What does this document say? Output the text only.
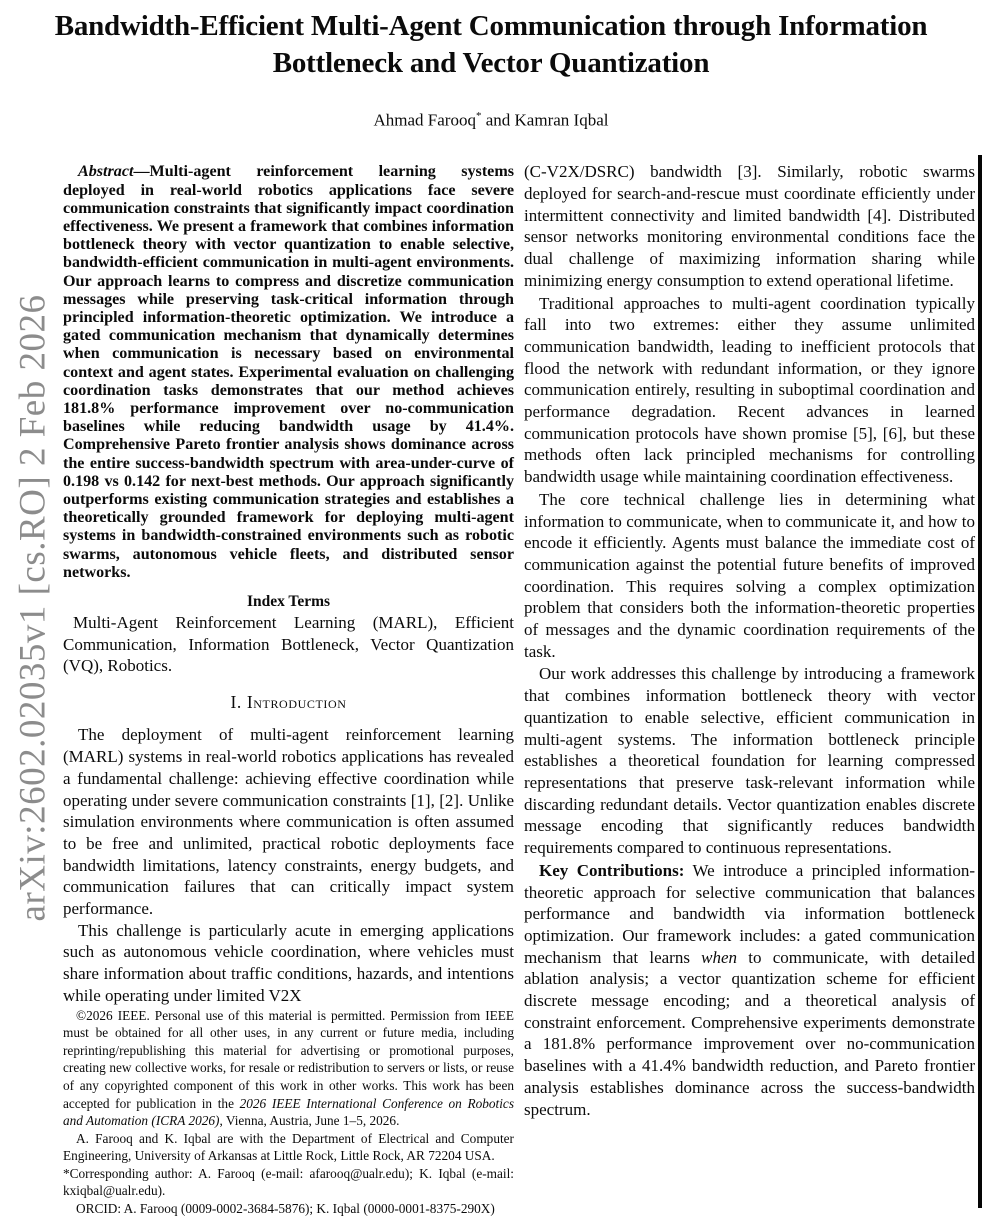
arXiv:2602.02035v1 [cs.RO] 2 Feb 2026
Bandwidth-Efficient Multi-Agent Communication through Information Bottleneck and Vector Quantization
Ahmad Farooq* and Kamran Iqbal

Abstract—Multi-agent reinforcement learning systems deployed in real-world robotics applications face severe communication constraints that significantly impact coordination effectiveness. We present a framework that combines information bottleneck theory with vector quantization to enable selective, bandwidth-efficient communication in multi-agent environments. Our approach learns to compress and discretize communication messages while preserving task-critical information through principled information-theoretic optimization. We introduce a gated communication mechanism that dynamically determines when communication is necessary based on environmental context and agent states. Experimental evaluation on challenging coordination tasks demonstrates that our method achieves 181.8% performance improvement over no-communication baselines while reducing bandwidth usage by 41.4%. Comprehensive Pareto frontier analysis shows dominance across the entire success-bandwidth spectrum with area-under-curve of 0.198 vs 0.142 for next-best methods. Our approach significantly outperforms existing communication strategies and establishes a theoretically grounded framework for deploying multi-agent systems in bandwidth-constrained environments such as robotic swarms, autonomous vehicle fleets, and distributed sensor networks.

Index Terms

Multi-Agent Reinforcement Learning (MARL), Efficient Communication, Information Bottleneck, Vector Quantization (VQ), Robotics.

I. Introduction

The deployment of multi-agent reinforcement learning (MARL) systems in real-world robotics applications has revealed a fundamental challenge: achieving effective coordination while operating under severe communication constraints [1], [2]. Unlike simulation environments where communication is often assumed to be free and unlimited, practical robotic deployments face bandwidth limitations, latency constraints, energy budgets, and communication failures that can critically impact system performance.

This challenge is particularly acute in emerging applications such as autonomous vehicle coordination, where vehicles must share information about traffic conditions, hazards, and intentions while operating under limited V2X

©2026 IEEE. Personal use of this material is permitted. Permission from IEEE must be obtained for all other uses, in any current or future media, including reprinting/republishing this material for advertising or promotional purposes, creating new collective works, for resale or redistribution to servers or lists, or reuse of any copyrighted component of this work in other works. This work has been accepted for publication in the 2026 IEEE International Conference on Robotics and Automation (ICRA 2026), Vienna, Austria, June 1–5, 2026.

A. Farooq and K. Iqbal are with the Department of Electrical and Computer Engineering, University of Arkansas at Little Rock, Little Rock, AR 72204 USA.

*Corresponding author: A. Farooq (e-mail: afarooq@ualr.edu); K. Iqbal (e-mail: kxiqbal@ualr.edu).

ORCID: A. Farooq (0009-0002-3684-5876); K. Iqbal (0000-0001-8375-290X)

(C-V2X/DSRC) bandwidth [3]. Similarly, robotic swarms deployed for search-and-rescue must coordinate efficiently under intermittent connectivity and limited bandwidth [4]. Distributed sensor networks monitoring environmental conditions face the dual challenge of maximizing information sharing while minimizing energy consumption to extend operational lifetime.

Traditional approaches to multi-agent coordination typically fall into two extremes: either they assume unlimited communication bandwidth, leading to inefficient protocols that flood the network with redundant information, or they ignore communication entirely, resulting in suboptimal coordination and performance degradation. Recent advances in learned communication protocols have shown promise [5], [6], but these methods often lack principled mechanisms for controlling bandwidth usage while maintaining coordination effectiveness.

The core technical challenge lies in determining what information to communicate, when to communicate it, and how to encode it efficiently. Agents must balance the immediate cost of communication against the potential future benefits of improved coordination. This requires solving a complex optimization problem that considers both the information-theoretic properties of messages and the dynamic coordination requirements of the task.

Our work addresses this challenge by introducing a framework that combines information bottleneck theory with vector quantization to enable selective, efficient communication in multi-agent systems. The information bottleneck principle establishes a theoretical foundation for learning compressed representations that preserve task-relevant information while discarding redundant details. Vector quantization enables discrete message encoding that significantly reduces bandwidth requirements compared to continuous representations.

Key Contributions: We introduce a principled information-theoretic approach for selective communication that balances performance and bandwidth via information bottleneck optimization. Our framework includes: a gated communication mechanism that learns when to communicate, with detailed ablation analysis; a vector quantization scheme for efficient discrete message encoding; and a theoretical analysis of constraint enforcement. Comprehensive experiments demonstrate a 181.8% performance improvement over no-communication baselines with a 41.4% bandwidth reduction, and Pareto frontier analysis establishes dominance across the success-bandwidth spectrum.
